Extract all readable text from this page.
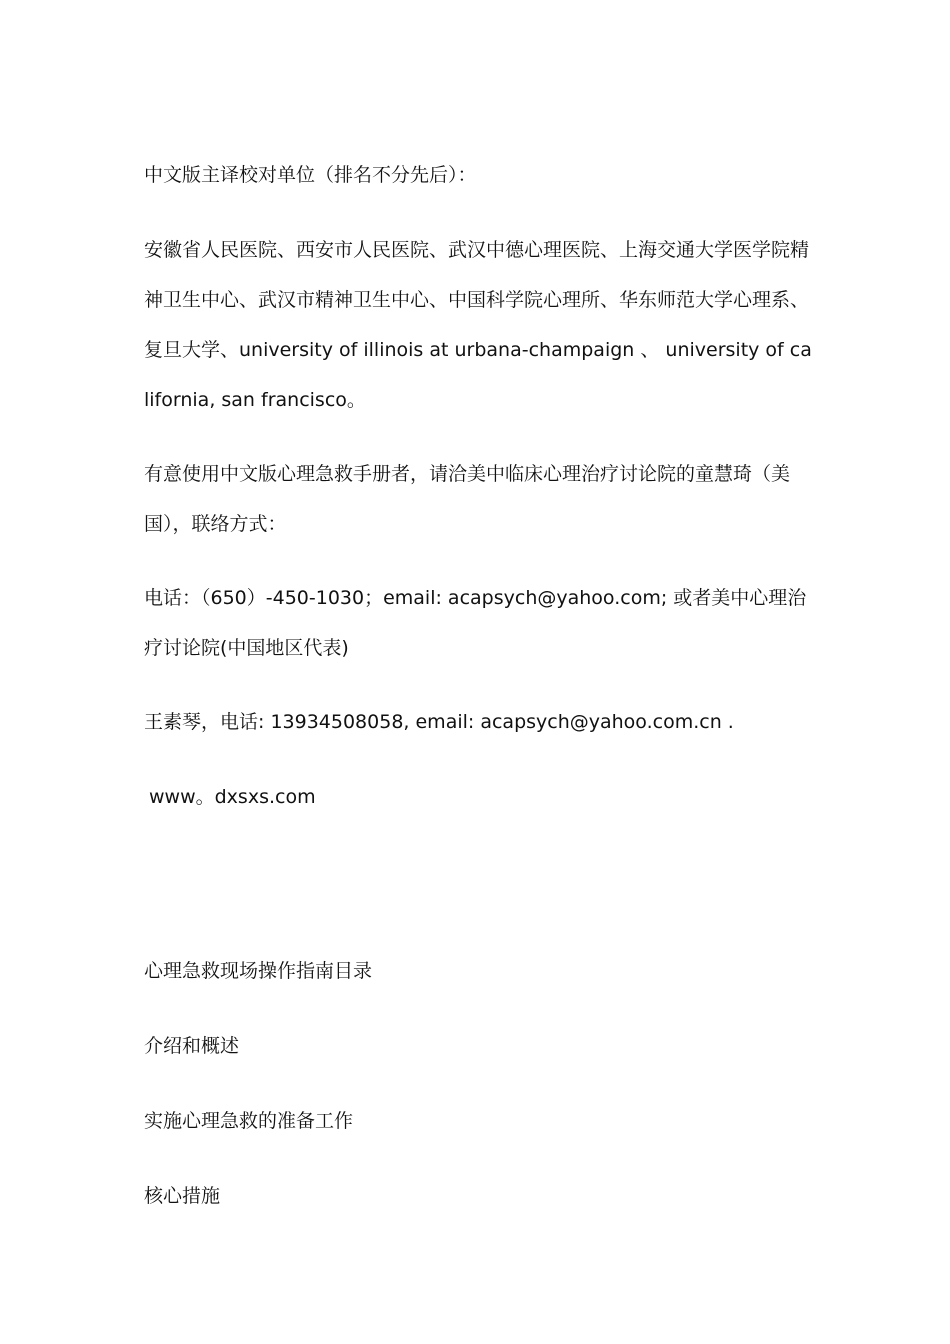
中文版主译校对单位（排名不分先后）：

安徽省人民医院、西安市人民医院、武汉中德心理医院、上海交通大学医学院精神卫生中心、武汉市精神卫生中心、中国科学院心理所、华东师范大学心理系、复旦大学、university of illinois at urbana-champaign 、 university of california, san francisco。

有意使用中文版心理急救手册者，请洽美中临床心理治疗讨论院的童慧琦（美国），联络方式：

电话：（650）-450-1030；email: acapsych@yahoo.com; 或者美中心理治疗讨论院(中国地区代表)

王素琴，电话: 13934508058, email: acapsych@yahoo.com.cn .

www。dxsxs.com

心理急救现场操作指南目录

介绍和概述

实施心理急救的准备工作

核心措施
